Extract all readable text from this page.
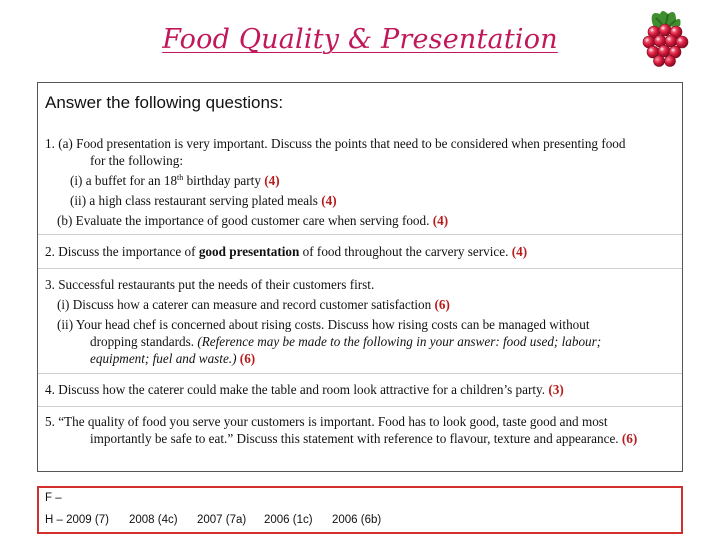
Food Quality & Presentation
Answer the following questions:
1. (a) Food presentation is very important. Discuss the points that need to be considered when presenting food
for the following:
(i) a buffet for an 18th birthday party (4)
(ii) a high class restaurant serving plated meals (4)
(b) Evaluate the importance of good customer care when serving food. (4)
2. Discuss the importance of good presentation of food throughout the carvery service. (4)
3. Successful restaurants put the needs of their customers first.
(i) Discuss how a caterer can measure and record customer satisfaction (6)
(ii) Your head chef is concerned about rising costs. Discuss how rising costs can be managed without
dropping standards. (Reference may be made to the following in your answer: food used; labour;
equipment; fuel and waste.) (6)
4. Discuss how the caterer could make the table and room look attractive for a children’s party. (3)
5. “The quality of food you serve your customers is important. Food has to look good, taste good and most
importantly be safe to eat.” Discuss this statement with reference to flavour, texture and appearance. (6)
F –
H – 2009 (7) 2008 (4c) 2007 (7a) 2006 (1c) 2006 (6b)
